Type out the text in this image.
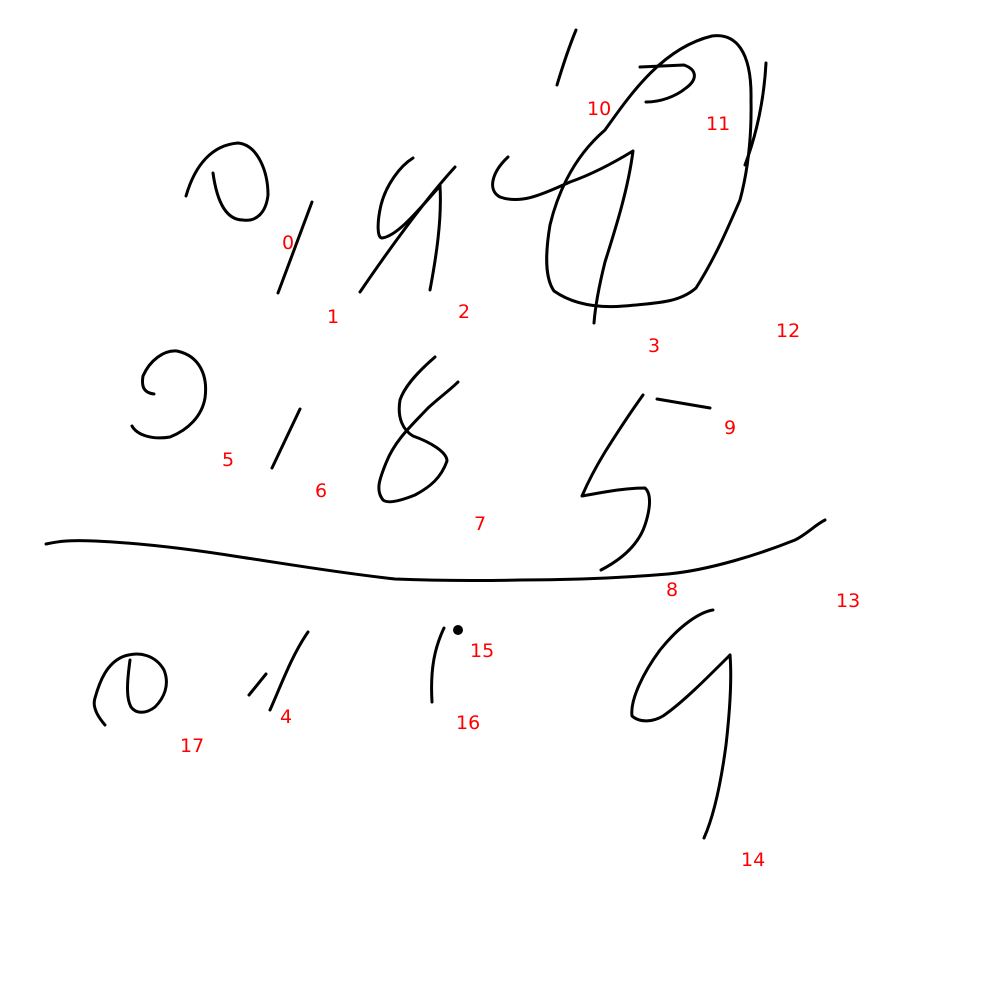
0
1	2
3
4
5
6
7
8
9
10
11
12
13
14
15
16
17
